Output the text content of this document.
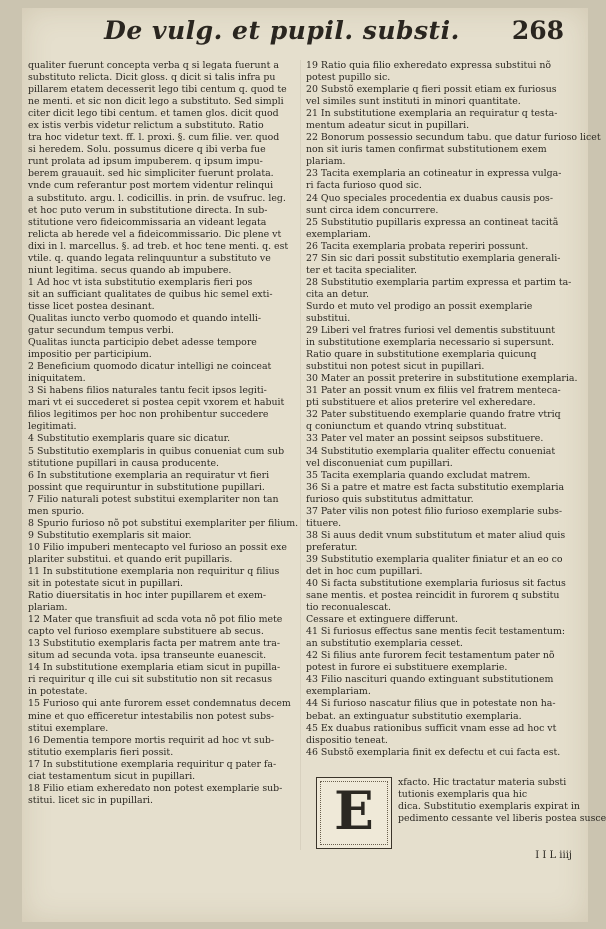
De vulg. et pupil. substi.	268

qualiter fuerunt concepta verba q si legata fuerunt a

substituto relicta. Dicit gloss. q dicit si talis infra pu

pillarem etatem decesserit lego tibi centum q. quod te

ne menti. et sic non dicit lego a substituto. Sed simpli

citer dicit lego tibi centum. et tamen glos. dicit quod

ex istis verbis videtur relictum a substituto. Ratio

tra hoc videtur text. ff. l. proxi. §. cum filie. ver. quod

si heredem. Solu. possumus dicere q ibi verba fue

runt prolata ad ipsum impuberem. q ipsum impu-

berem grauauit. sed hic simpliciter fuerunt prolata.

vnde cum referantur post mortem videntur relinqui

a substituto. argu. l. codicillis. in prin. de vsufruc. leg.

et hoc puto verum in substitutione directa. In sub-

stitutione vero fideicommissaria an videant legata

relicta ab herede vel a fideicommissario. Dic plene vt

dixi in l. marcellus. §. ad treb. et hoc tene menti. q. est

vtile. q. quando legata relinquuntur a substituto ve

niunt legitima. secus quando ab impubere.

1 Ad hoc vt ista substitutio exemplaris fieri pos

sit an sufficiant qualitates de quibus hic semel exti-

tisse licet postea desinant.

Qualitas iuncto verbo quomodo et quando intelli-

gatur secundum tempus verbi.

Qualitas iuncta participio debet adesse tempore

impositio per participium.

2 Beneficium quomodo dicatur intelligi ne coinceat

iniquitatem.

3 Si habens filios naturales tantu fecit ipsos legiti-

mari vt ei succederet si postea cepit vxorem et habuit

filios legitimos per hoc non prohibentur succedere

legitimati.

4 Substitutio exemplaris quare sic dicatur.

5 Substitutio exemplaris in quibus conueniat cum sub

stitutione pupillari in causa producente.

6 In substitutione exemplaria an requiratur vt fieri

possint que requiruntur in substitutione pupillari.

7 Filio naturali potest substitui exemplariter non tan

men spurio.

8 Spurio furioso nõ pot substitui exemplariter per filium.

9 Substitutio exemplaris sit maior.

10 Filio impuberi mentecapto vel furioso an possit exe

plariter substitui. et quando erit pupillaris.

11 In substitutione exemplaria non requiritur q filius

sit in potestate sicut in pupillari.

Ratio diuersitatis in hoc inter pupillarem et exem-

plariam.

12 Mater que transfiuit ad scda vota nõ pot filio mete

capto vel furioso exemplare substituere ab secus.

13 Substitutio exemplaris facta per matrem ante tra-

situm ad secunda vota. ipsa transeunte euanescit.

14 In substitutione exemplaria etiam sicut in pupilla-

ri requiritur q ille cui sit substitutio non sit recasus

in potestate.

15 Furioso qui ante furorem esset condemnatus decem

mine et quo efficeretur intestabilis non potest subs-

stitui exemplare.

16 Dementia tempore mortis requirit ad hoc vt sub-

stitutio exemplaris fieri possit.

17 In substitutione exemplaria requiritur q pater fa-

ciat testamentum sicut in pupillari.

18 Filio etiam exheredato non potest exemplarie sub-

stitui. licet sic in pupillari.

19 Ratio quia filio exheredato expressa substitui nõ

potest pupillo sic.

20 Substõ exemplarie q fieri possit etiam ex furiosus

vel similes sunt instituti in minori quantitate.

21 In substitutione exemplaria an requiratur q testa-

mentum adeatur sicut in pupillari.

22 Bonorum possessio secundum tabu. que datur furioso licet

non sit iuris tamen confirmat substitutionem exem

plariam.

23 Tacita exemplaria an cotineatur in expressa vulga-

ri facta furioso quod sic.

24 Quo speciales procedentia ex duabus causis pos-

sunt circa idem concurrere.

25 Substitutio pupillaris expressa an contineat tacitã

exemplariam.

26 Tacita exemplaria probata reperiri possunt.

27 Sin sic dari possit substitutio exemplaria generali-

ter et tacita specialiter.

28 Substitutio exemplaria partim expressa et partim ta-

cita an detur.

Surdo et muto vel prodigo an possit exemplarie

substitui.

29 Liberi vel fratres furiosi vel dementis substituunt

in substitutione exemplaria necessario si supersunt.

Ratio quare in substitutione exemplaria quicunq

substitui non potest sicut in pupillari.

30 Mater an possit preterire in substitutione exemplaria.

31 Pater an possit vnum ex filiis vel fratrem menteca-

pti substituere et alios preterire vel exheredare.

32 Pater substituendo exemplarie quando fratre vtriq

q coniunctum et quando vtrinq substituat.

33 Pater vel mater an possint seipsos substituere.

34 Substitutio exemplaria qualiter effectu conueniat

vel disconueniat cum pupillari.

35 Tacita exemplaria quando excludat matrem.

36 Si a patre et matre est facta substitutio exemplaria

furioso quis substitutus admittatur.

37 Pater vilis non potest filio furioso exemplarie subs-

tituere.

38 Si auus dedit vnum substitutum et mater aliud quis

preferatur.

39 Substitutio exemplaria qualiter finiatur et an eo co

det in hoc cum pupillari.

40 Si facta substitutione exemplaria furiosus sit factus

sane mentis. et postea reincidit in furorem q substitu

tio reconualescat.

Cessare et extinguere differunt.

41 Si furiosus effectus sane mentis fecit testamentum:

an substitutio exemplaria cesset.

42 Si filius ante furorem fecit testamentum pater nõ

potest in furore ei substituere exemplarie.

43 Filio nascituri quando extinguant substitutionem

exemplariam.

44 Si furioso nascatur filius que in potestate non ha-

bebat. an extinguatur substitutio exemplaria.

45 Ex duabus rationibus sufficit vnam esse ad hoc vt

dispositio teneat.

46 Substõ exemplaria finit ex defectu et cui facta est.

E	xfacto. Hic tractatur materia substi

tutionis exemplaris qua hic

dica. Substitutio exemplaris expirat in

pedimento cessante vel liberis postea susce

I I L iiij
